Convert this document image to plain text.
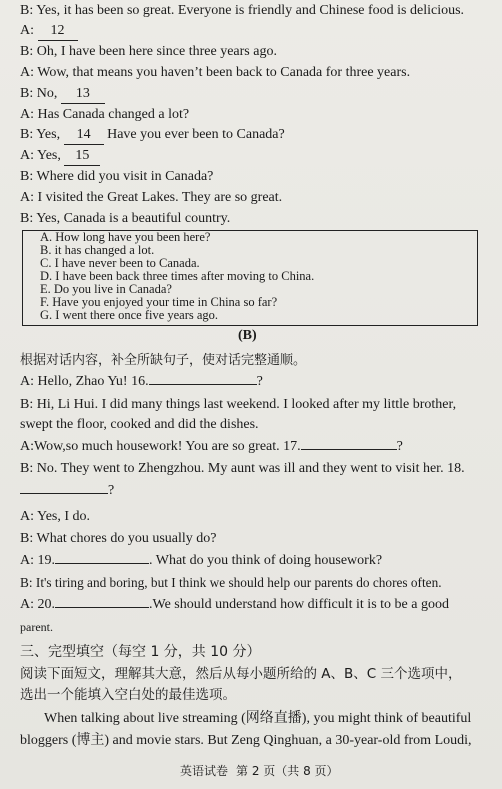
B: Yes, it has been so great. Everyone is friendly and Chinese food is delicious.
A: 12
B: Oh, I have been here since three years ago.
A: Wow, that means you haven’t been back to Canada for three years.
B: No, 13
A: Has Canada changed a lot?
B: Yes, 14 Have you ever been to Canada?
A: Yes, 15
B: Where did you visit in Canada?
A: I visited the Great Lakes. They are so great.
B: Yes, Canada is a beautiful country.
(B)
根据对话内容，补全所缺句子，使对话完整通顺。
A: Hello, Zhao Yu! 16.	?
B: Hi, Li Hui. I did many things last weekend. I looked after my little brother,
swept the floor, cooked and did the dishes.
A:Wow,so much housework! You are so great. 17.	?
B: No. They went to Zhengzhou. My aunt was ill and they went to visit her. 18.
?
A: Yes, I do.
B: What chores do you usually do?
A: 19.	. What do you think of doing housework?
B: It's tiring and boring, but I think we should help our parents do chores often.
A: 20.	.We should understand how difficult it is to be a good
parent.
三、完型填空（每空 1 分，共 10 分）
阅读下面短文，理解其大意，然后从每小题所给的 A、B、C 三个选项中，
选出一个能填入空白处的最佳选项。
When talking about live streaming (网络直播), you might think of beautiful
bloggers (博主) and movie stars. But Zeng Qinghuan, a 30-year-old from Loudi,
英语试卷 第 2 页（共 8 页）
A. How long have you been here?
B. it has changed a lot.
C. I have never been to Canada.
D. I have been back three times after moving to China.
E. Do you live in Canada?
F. Have you enjoyed your time in China so far?
G. I went there once five years ago.
